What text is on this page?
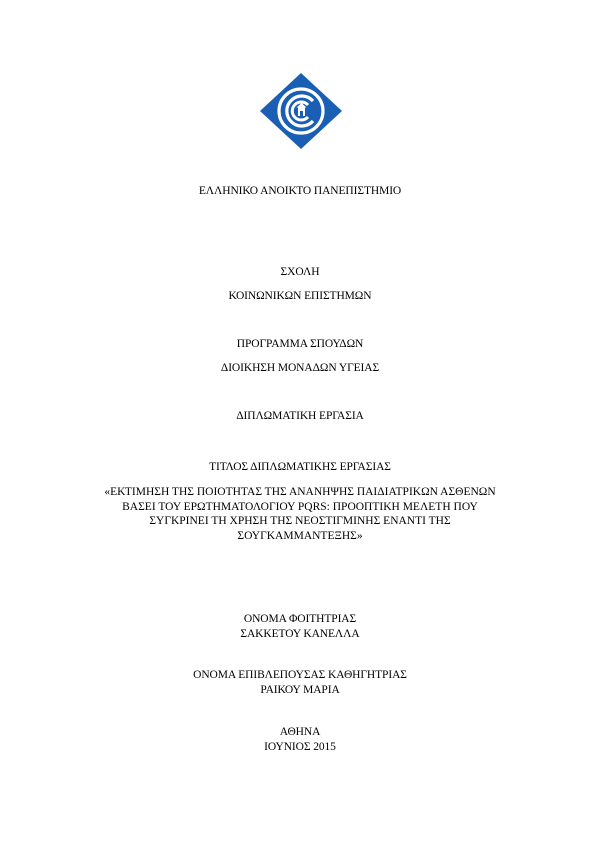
ΕΛΛΗΝΙΚΟ ΑΝΟΙΚΤΟ ΠΑΝΕΠΙΣΤΗΜΙΟ
ΣΧΟΛΗ
ΚΟΙΝΩΝΙΚΩΝ ΕΠΙΣΤΗΜΩΝ
ΠΡΟΓΡΑΜΜΑ ΣΠΟΥΔΩΝ
ΔΙΟΙΚΗΣΗ ΜΟΝΑΔΩΝ ΥΓΕΙΑΣ
ΔΙΠΛΩΜΑΤΙΚΗ ΕΡΓΑΣΙΑ
ΤΙΤΛΟΣ ΔΙΠΛΩΜΑΤΙΚΗΣ ΕΡΓΑΣΙΑΣ
«ΕΚΤΙΜΗΣΗ ΤΗΣ ΠΟΙΟΤΗΤΑΣ ΤΗΣ ΑΝΑΝΗΨΗΣ ΠΑΙΔΙΑΤΡΙΚΩΝ ΑΣΘΕΝΩΝ
ΒΑΣΕΙ ΤΟΥ ΕΡΩΤΗΜΑΤΟΛΟΓΙΟΥ PQRS: ΠΡΟΟΠΤΙΚΗ ΜΕΛΕΤΗ ΠΟΥ
ΣΥΓΚΡΙΝΕΙ ΤΗ ΧΡΗΣΗ ΤΗΣ ΝΕΟΣΤΙΓΜΙΝΗΣ ΕΝΑΝΤΙ ΤΗΣ
ΣΟΥΓΚΑΜΜΑΝΤΕΞΗΣ»
ΟΝΟΜΑ ΦΟΙΤΗΤΡΙΑΣ
ΣΑΚΚΕΤΟΥ ΚΑΝΕΛΛΑ
ΟΝΟΜΑ ΕΠΙΒΛΕΠΟΥΣΑΣ ΚΑΘΗΓΗΤΡΙΑΣ
ΡΑΙΚΟΥ ΜΑΡΙΑ
ΑΘΗΝΑ
ΙΟΥΝΙΟΣ 2015
